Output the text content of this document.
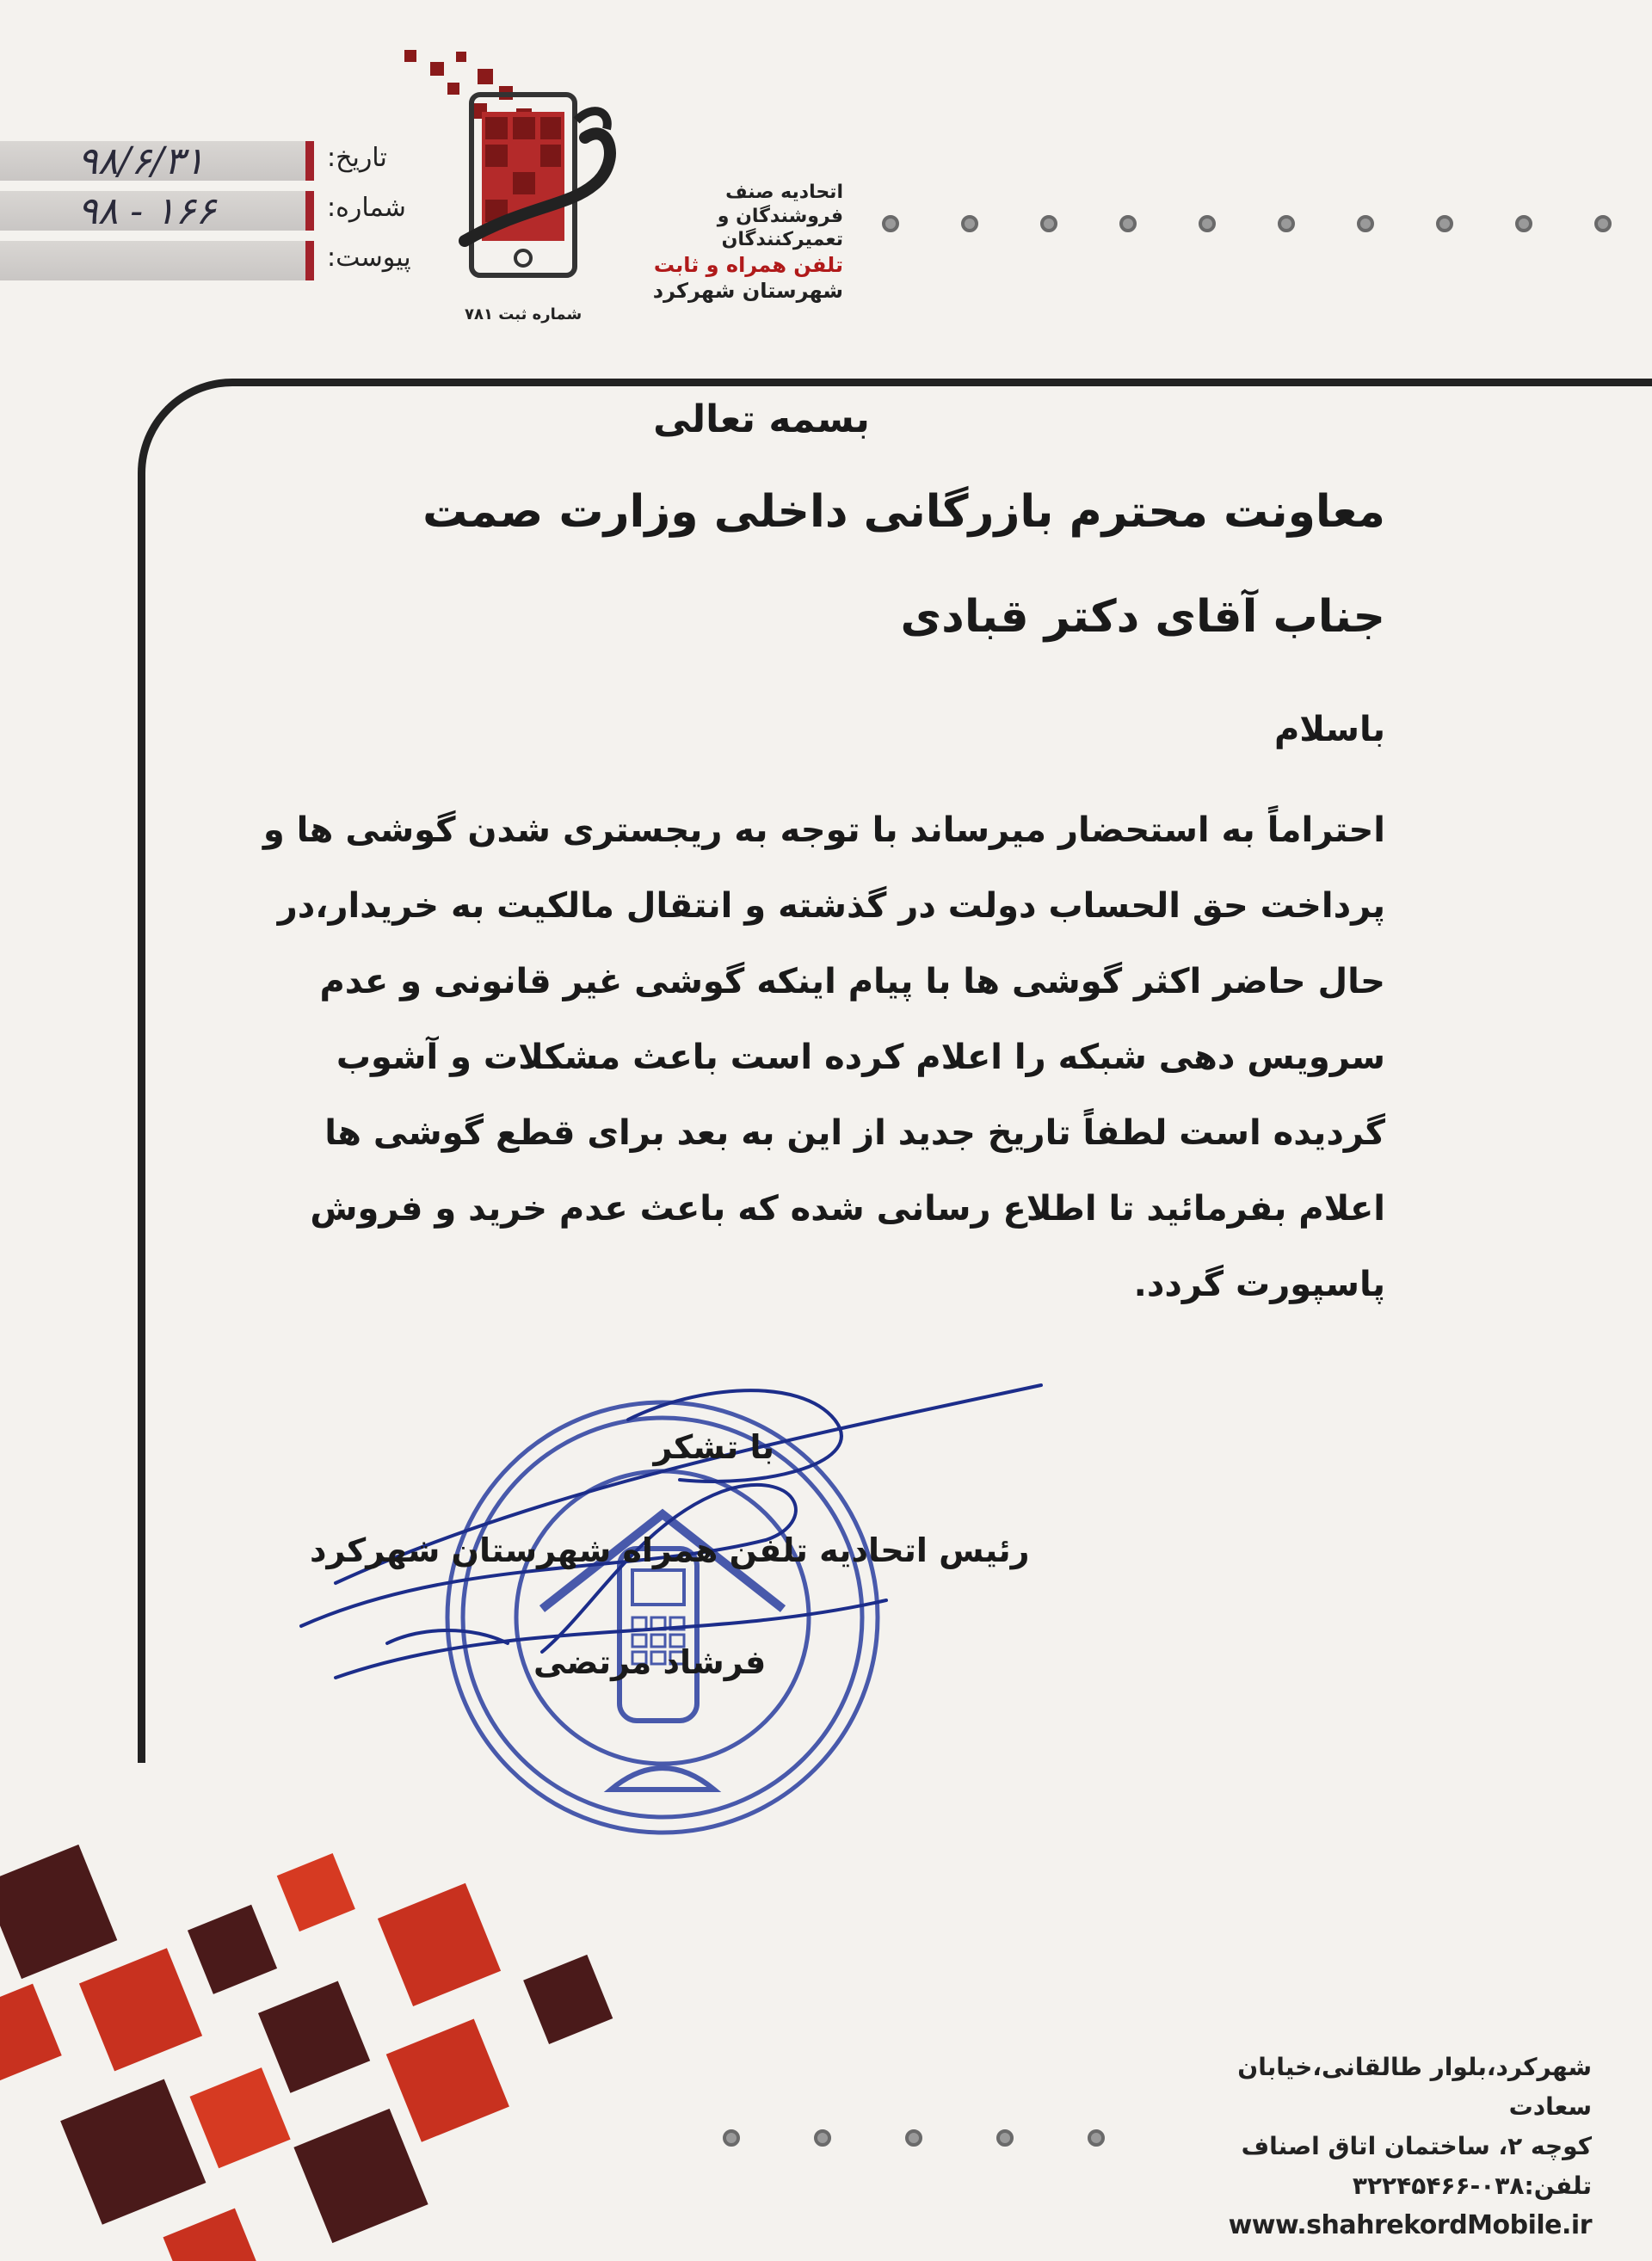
اتحادیه صنف
فروشندگان و تعمیرکنندگان
تلفن همراه و ثابت
شهرستان شهرکرد
شماره ثبت ۷۸۱
۹۸/۶/۳۱	تاریخ:
۹۸ - ۱۶۶	شماره:
پیوست:
بسمه تعالی
معاونت محترم بازرگانی داخلی وزارت صمت
جناب آقای دکتر قبادی
باسلام

احتراماً به استحضار میرساند با توجه به ریجستری شدن گوشی ها و

پرداخت حق الحساب دولت در گذشته و انتقال مالکیت به خریدار،در

حال حاضر اکثر گوشی ها با پیام اینکه گوشی غیر قانونی و عدم

سرویس دهی شبکه را اعلام کرده است باعث مشکلات و آشوب

گردیده است لطفاً تاریخ جدید از این به بعد برای قطع گوشی ها

اعلام بفرمائید تا اطلاع رسانی شده که باعث عدم خرید و فروش

پاسپورت گردد.

با تشکر
رئیس اتحادیه تلفن همراه شهرستان شهرکرد
فرشاد مرتضی
شهرکرد،بلوار طالقانی،خیابان سعادت
کوچه ۲، ساختمان اتاق اصناف
تلفن:۰۳۸-۳۲۲۴۵۴۶۶
www.shahrekordMobile.ir
